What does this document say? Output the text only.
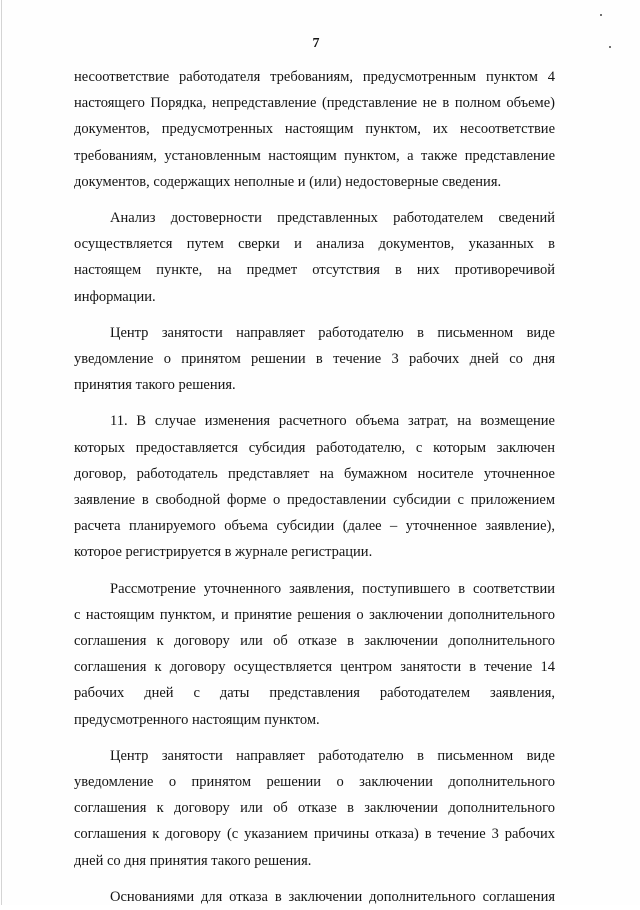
7
несоответствие работодателя требованиям, предусмотренным пунктом 4
настоящего Порядка, непредставление (представление не в полном объеме)
документов, предусмотренных настоящим пунктом, их несоответствие
требованиям, установленным настоящим пунктом, а также представление
документов, содержащих неполные и (или) недостоверные сведения.
Анализ достоверности представленных работодателем сведений
осуществляется путем сверки и анализа документов, указанных в
настоящем пункте, на предмет отсутствия в них противоречивой
информации.
Центр занятости направляет работодателю в письменном виде
уведомление о принятом решении в течение 3 рабочих дней со дня
принятия такого решения.
11. В случае изменения расчетного объема затрат, на возмещение
которых предоставляется субсидия работодателю, с которым заключен
договор, работодатель представляет на бумажном носителе уточненное
заявление в свободной форме о предоставлении субсидии с приложением
расчета планируемого объема субсидии (далее – уточненное заявление),
которое регистрируется в журнале регистрации.
Рассмотрение уточненного заявления, поступившего в соответствии
с настоящим пунктом, и принятие решения о заключении дополнительного
соглашения к договору или об отказе в заключении дополнительного
соглашения к договору осуществляется центром занятости в течение 14
рабочих дней с даты представления работодателем заявления,
предусмотренного настоящим пунктом.
Центр занятости направляет работодателю в письменном виде
уведомление о принятом решении о заключении дополнительного
соглашения к договору или об отказе в заключении дополнительного
соглашения к договору (с указанием причины отказа) в течение 3 рабочих
дней со дня принятия такого решения.
Основаниями для отказа в заключении дополнительного соглашения
